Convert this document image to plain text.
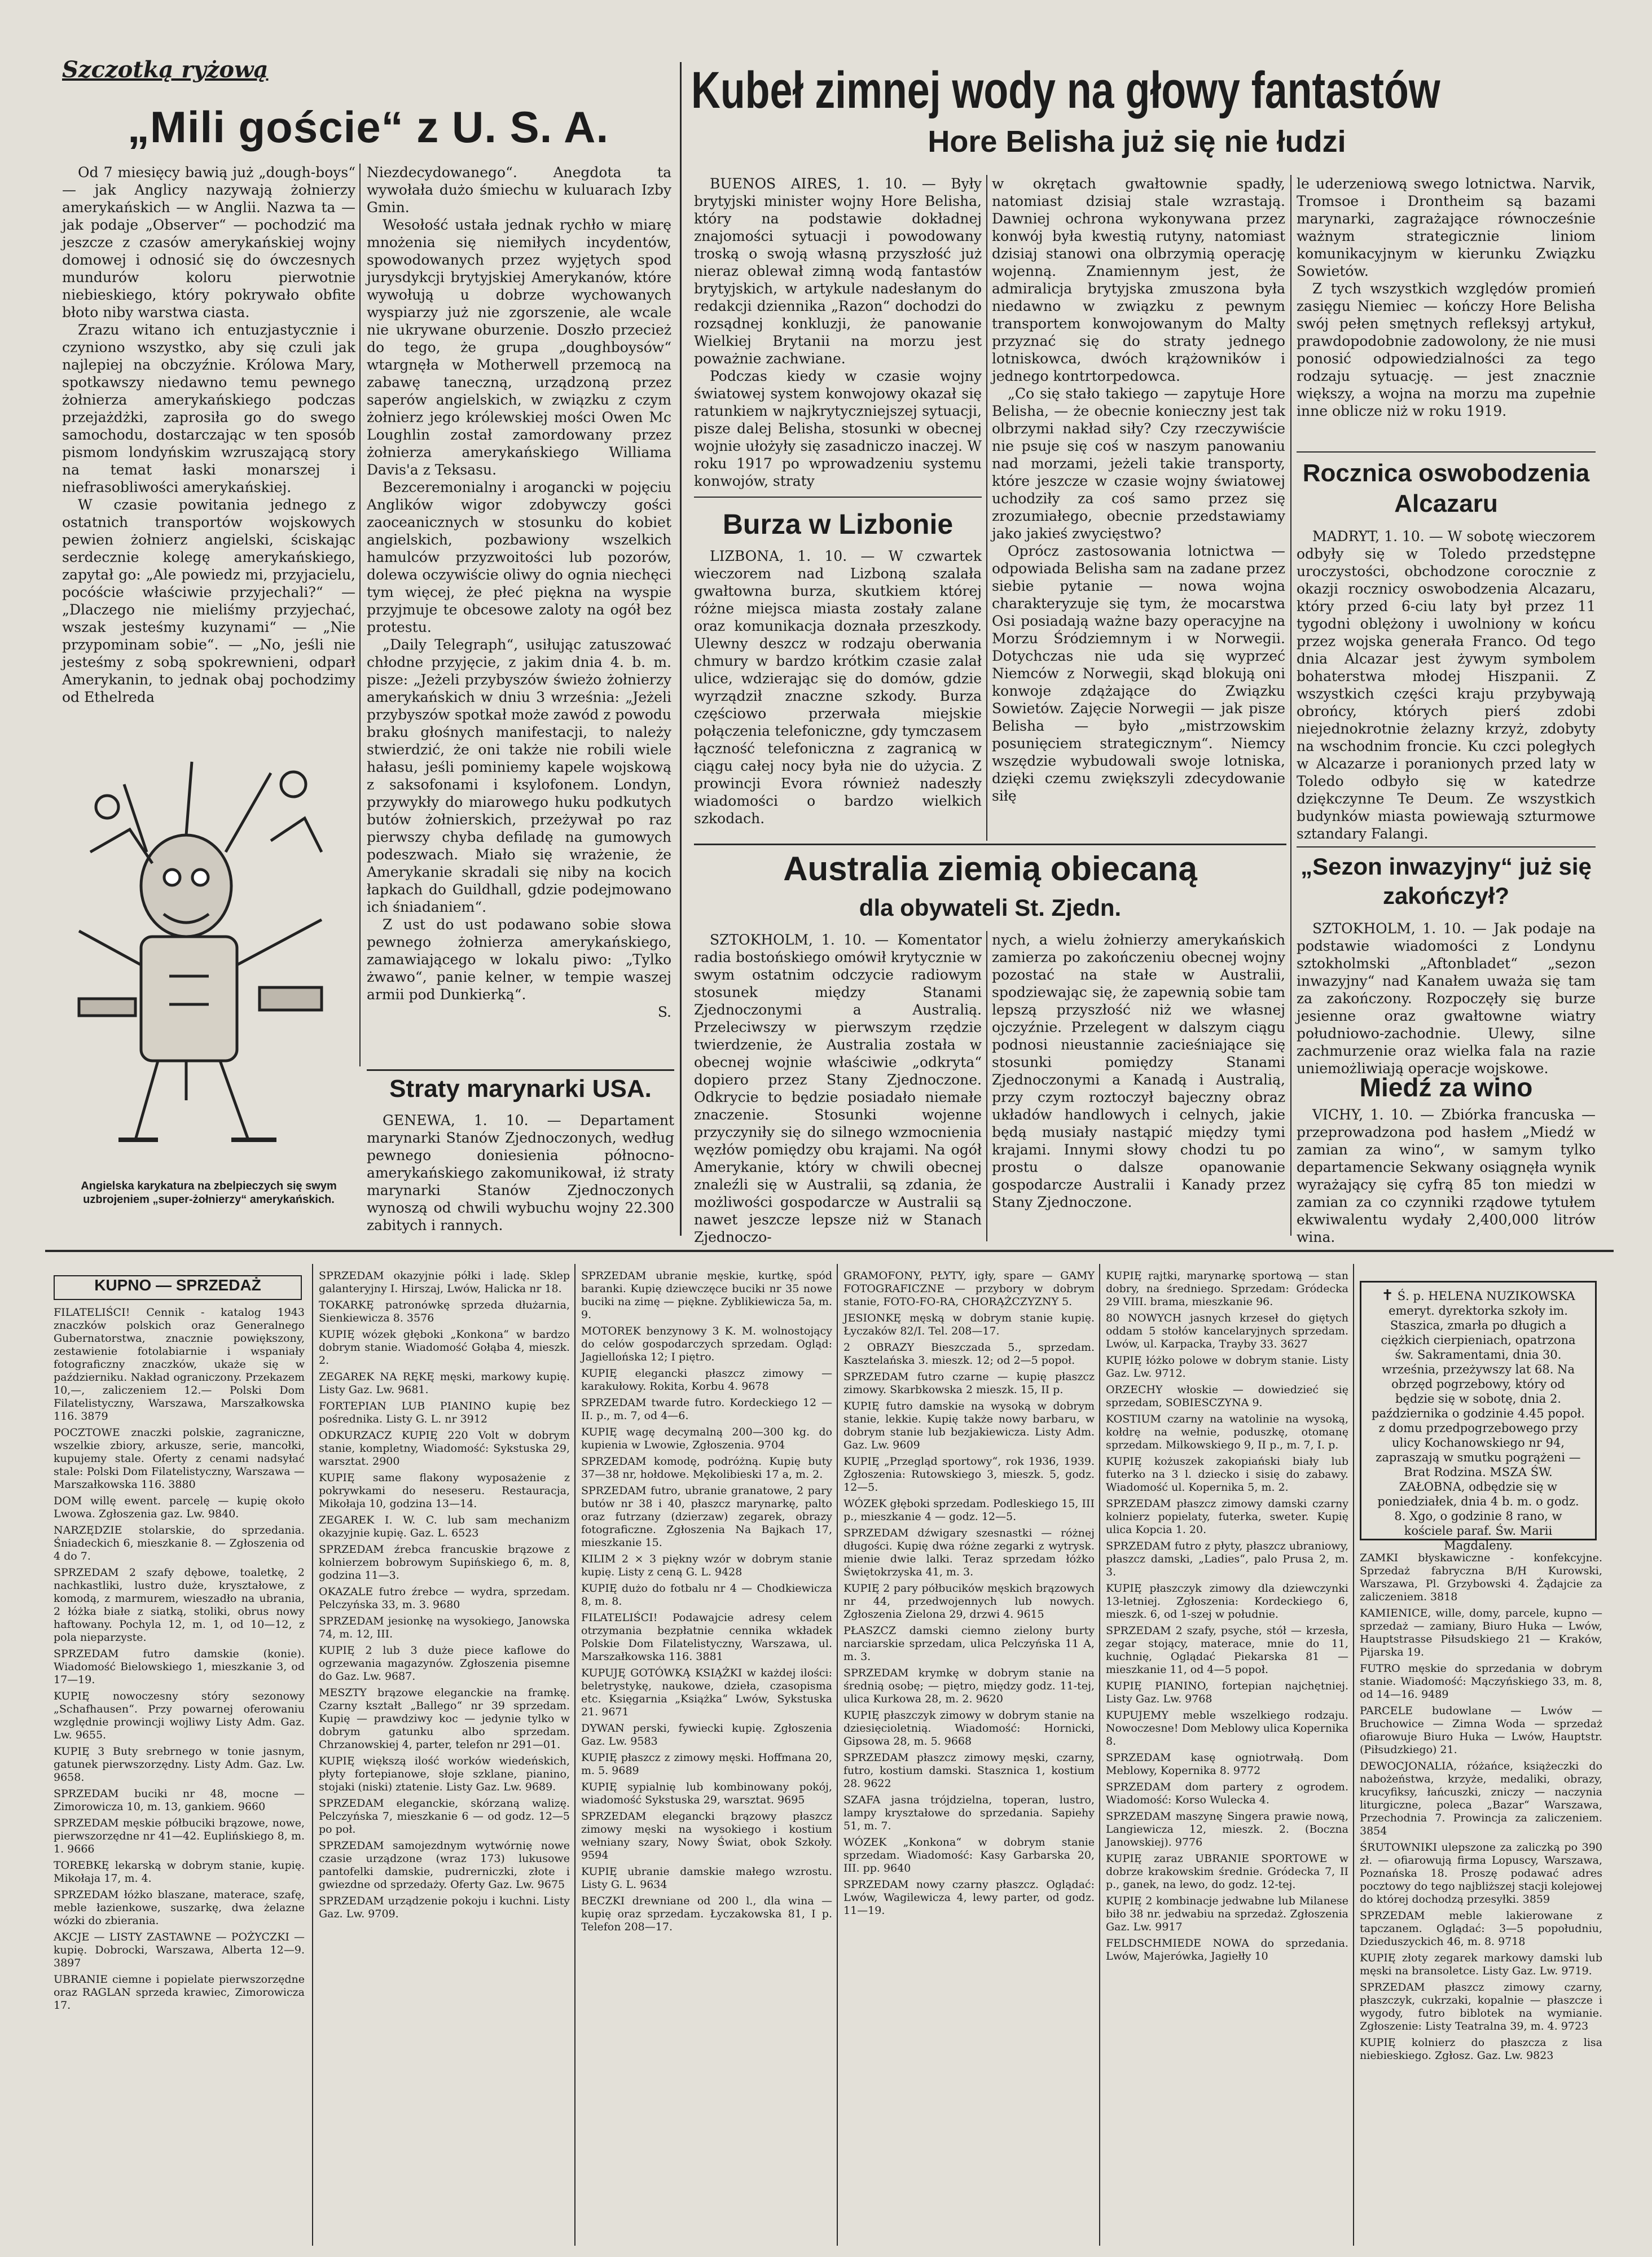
Szczotką ryżową
„Mili goście“ z U. S. A.

Od 7 miesięcy bawią już „dough-boys“ — jak Anglicy nazywają żołnierzy amerykańskich — w Anglii. Nazwa ta — jak podaje „Observer“ — pochodzić ma jeszcze z czasów amerykańskiej wojny domowej i odnosić się do ówczesnych mundurów koloru pierwotnie niebieskiego, który pokrywało obfite błoto niby warstwa ciasta.

Zrazu witano ich entuzjastycznie i czyniono wszystko, aby się czuli jak najlepiej na obczyźnie. Królowa Mary, spotkawszy niedawno temu pewnego żołnierza amerykańskiego podczas przejażdżki, zaprosiła go do swego samochodu, dostarczając w ten sposób pismom londyńskim wzruszającą story na temat łaski monarszej i niefrasobliwości amerykańskiej.

W czasie powitania jednego z ostatnich transportów wojskowych pewien żołnierz angielski, ściskając serdecznie kolegę amerykańskiego, zapytał go: „Ale powiedz mi, przyjacielu, pocóście właściwie przyjechali?“ — „Dlaczego nie mieliśmy przyjechać, wszak jesteśmy kuzynami“ — „Nie przypominam sobie“. — „No, jeśli nie jesteśmy z sobą spokrewnieni, odparł Amerykanin, to jednak obaj pochodzimy od Ethelreda

Angielska karykatura na zbelpieczych się swym uzbrojeniem „super-żołnierzy“ amerykańskich.

Niezdecydowanego“. Anegdota ta wywołała dużo śmiechu w kuluarach Izby Gmin.

Wesołość ustała jednak rychło w miarę mnożenia się niemiłych incydentów, spowodowanych przez wyjętych spod jurysdykcji brytyjskiej Amerykanów, które wywołują u dobrze wychowanych wyspiarzy już nie zgorszenie, ale wcale nie ukrywane oburzenie. Doszło przecież do tego, że grupa „doughboysów“ wtargnęła w Motherwell przemocą na zabawę taneczną, urządzoną przez saperów angielskich, w związku z czym żołnierz jego królewskiej mości Owen Mc Loughlin został zamordowany przez żołnierza amerykańskiego Williama Davis'a z Teksasu.

Bezceremonialny i arogancki w pojęciu Anglików wigor zdobywczy gości zaoceanicznych w stosunku do kobiet angielskich, pozbawiony wszelkich hamulców przyzwoitości lub pozorów, dolewa oczywiście oliwy do ognia niechęci tym więcej, że płeć piękna na wyspie przyjmuje te obcesowe zaloty na ogół bez protestu.

„Daily Telegraph“, usiłując zatuszować chłodne przyjęcie, z jakim dnia 4. b. m. pisze: „Jeżeli przybyszów świeżo żołnierzy amerykańskich w dniu 3 września: „Jeżeli przybyszów spotkał może zawód z powodu braku głośnych manifestacji, to należy stwierdzić, że oni także nie robili wiele hałasu, jeśli pominiemy kapele wojskową z saksofonami i ksylofonem. Londyn, przywykły do miarowego huku podkutych butów żołnierskich, przeżywał po raz pierwszy chyba defiladę na gumowych podeszwach. Miało się wrażenie, że Amerykanie skradali się niby na kocich łapkach do Guildhall, gdzie podejmowano ich śniadaniem“.

Z ust do ust podawano sobie słowa pewnego żołnierza amerykańskiego, zamawiającego w lokalu piwo: „Tylko żwawo“, panie kelner, w tempie waszej armii pod Dunkierką“.

S.

Straty marynarki USA.

GENEWA, 1. 10. — Departament marynarki Stanów Zjednoczonych, według pewnego doniesienia północno-amerykańskiego zakomunikował, iż straty marynarki Stanów Zjednoczonych wynoszą od chwili wybuchu wojny 22.300 zabitych i rannych.

Kubeł zimnej wody na głowy fantastów
Hore Belisha już się nie łudzi

BUENOS AIRES, 1. 10. — Były brytyjski minister wojny Hore Belisha, który na podstawie dokładnej znajomości sytuacji i powodowany troską o swoją własną przyszłość już nieraz oblewał zimną wodą fantastów brytyjskich, w artykule nadesłanym do redakcji dziennika „Razon“ dochodzi do rozsądnej konkluzji, że panowanie Wielkiej Brytanii na morzu jest poważnie zachwiane.

Podczas kiedy w czasie wojny światowej system konwojowy okazał się ratunkiem w najkrytyczniejszej sytuacji, pisze dalej Belisha, stosunki w obecnej wojnie ułożyły się zasadniczo inaczej. W roku 1917 po wprowadzeniu systemu konwojów, straty

w okrętach gwałtownie spadły, natomiast dzisiaj stale wzrastają. Dawniej ochrona wykonywana przez konwój była kwestią rutyny, natomiast dzisiaj stanowi ona olbrzymią operację wojenną. Znamiennym jest, że admiralicja brytyjska zmuszona była niedawno w związku z pewnym transportem konwojowanym do Malty przyznać się do straty jednego lotniskowca, dwóch krążowników i jednego kontrtorpedowca.

„Co się stało takiego — zapytuje Hore Belisha, — że obecnie konieczny jest tak olbrzymi nakład siły? Czy rzeczywiście nie psuje się coś w naszym panowaniu nad morzami, jeżeli takie transporty, które jeszcze w czasie wojny światowej uchodziły za coś samo przez się zrozumiałego, obecnie przedstawiamy jako jakieś zwycięstwo?

Oprócz zastosowania lotnictwa — odpowiada Belisha sam na zadane przez siebie pytanie — nowa wojna charakteryzuje się tym, że mocarstwa Osi posiadają ważne bazy operacyjne na Morzu Śródziemnym i w Norwegii. Dotychczas nie uda się wyprzeć Niemców z Norwegii, skąd blokują oni konwoje zdążające do Związku Sowietów. Zajęcie Norwegii — jak pisze Belisha — było „mistrzowskim posunięciem strategicznym“. Niemcy wszędzie wybudowali swoje lotniska, dzięki czemu zwiększyli zdecydowanie siłę

le uderzeniową swego lotnictwa. Narvik, Tromsoe i Drontheim są bazami marynarki, zagrażające równocześnie ważnym strategicznie liniom komunikacyjnym w kierunku Związku Sowietów.

Z tych wszystkich względów promień zasięgu Niemiec — kończy Hore Belisha swój pełen smętnych refleksyj artykuł, prawdopodobnie zadowolony, że nie musi ponosić odpowiedzialności za tego rodzaju sytuację. — jest znacznie większy, a wojna na morzu ma zupełnie inne oblicze niż w roku 1919.

Burza w Lizbonie

LIZBONA, 1. 10. — W czwartek wieczorem nad Lizboną szalała gwałtowna burza, skutkiem której różne miejsca miasta zostały zalane oraz komunikacja doznała przeszkody. Ulewny deszcz w rodzaju oberwania chmury w bardzo krótkim czasie zalał ulice, wdzierając się do domów, gdzie wyrządził znaczne szkody. Burza częściowo przerwała miejskie połączenia telefoniczne, gdy tymczasem łączność telefoniczna z zagranicą w ciągu całej nocy była nie do użycia. Z prowincji Evora również nadeszły wiadomości o bardzo wielkich szkodach.

Rocznica oswobodzenia Alcazaru

MADRYT, 1. 10. — W sobotę wieczorem odbyły się w Toledo przedstępne uroczystości, obchodzone corocznie z okazji rocznicy oswobodzenia Alcazaru, który przed 6-ciu laty był przez 11 tygodni oblężony i uwolniony w końcu przez wojska generała Franco. Od tego dnia Alcazar jest żywym symbolem bohaterstwa młodej Hiszpanii. Z wszystkich części kraju przybywają obrońcy, których pierś zdobi niejednokrotnie żelazny krzyż, zdobyty na wschodnim froncie. Ku czci poległych w Alcazarze i poranionych przed laty w Toledo odbyło się w katedrze dziękczynne Te Deum. Ze wszystkich budynków miasta powiewają szturmowe sztandary Falangi.

„Sezon inwazyjny“ już się zakończył?

SZTOKHOLM, 1. 10. — Jak podaje na podstawie wiadomości z Londynu sztokholmski „Aftonbladet“ „sezon inwazyjny“ nad Kanałem uważa się tam za zakończony. Rozpoczęły się burze jesienne oraz gwałtowne wiatry południowo-zachodnie. Ulewy, silne zachmurzenie oraz wielka fala na razie uniemożliwiają operacje wojskowe.

Miedź za wino

VICHY, 1. 10. — Zbiórka francuska — przeprowadzona pod hasłem „Miedź w zamian za wino“, w samym tylko departamencie Sekwany osiągnęła wynik wyrażający się cyfrą 85 ton miedzi w zamian za co czynniki rządowe tytułem ekwiwalentu wydały 2,400,000 litrów wina.

Australia ziemią obiecaną
dla obywateli St. Zjedn.

SZTOKHOLM, 1. 10. — Komentator radia bostońskiego omówił krytycznie w swym ostatnim odczycie radiowym stosunek między Stanami Zjednoczonymi a Australią. Przeleciwszy w pierwszym rzędzie twierdzenie, że Australia została w obecnej wojnie właściwie „odkryta“ dopiero przez Stany Zjednoczone. Odkrycie to będzie posiadało niemałe znaczenie. Stosunki wojenne przyczyniły się do silnego wzmocnienia węzłów pomiędzy obu krajami. Na ogół Amerykanie, który w chwili obecnej znaleźli się w Australii, są zdania, że możliwości gospodarcze w Australii są nawet jeszcze lepsze niż w Stanach Zjednoczo-

nych, a wielu żołnierzy amerykańskich zamierza po zakończeniu obecnej wojny pozostać na stałe w Australii, spodziewając się, że zapewnią sobie tam lepszą przyszłość niż we własnej ojczyźnie. Przelegent w dalszym ciągu podnosi nieustannie zacieśniające się stosunki pomiędzy Stanami Zjednoczonymi a Kanadą i Australią, przy czym roztoczył bajeczny obraz układów handlowych i celnych, jakie będą musiały nastąpić między tymi krajami. Innymi słowy chodzi tu po prostu o dalsze opanowanie gospodarcze Australii i Kanady przez Stany Zjednoczone.

KUPNO — SPRZEDAŻ

FILATELIŚCI! Cennik - katalog 1943 znaczków polskich oraz Generalnego Gubernatorstwa, znacznie powiększony, zestawienie fotolabiarnie i wspaniały fotograficzny znaczków, ukaże się w październiku. Nakład ograniczony. Przekazem 10,—, zaliczeniem 12.— Polski Dom Filatelistyczny, Warszawa, Marszałkowska 116. 3879

POCZTOWE znaczki polskie, zagraniczne, wszelkie zbiory, arkusze, serie, mancołki, kupujemy stale. Oferty z cenami nadsyłać stale: Polski Dom Filatelistyczny, Warszawa — Marszałkowska 116. 3880

DOM willę ewent. parcelę — kupię około Lwowa. Zgłoszenia gaz. Lw. 9840.

NARZĘDZIE stolarskie, do sprzedania. Śniadeckich 6, mieszkanie 8. — Zgłoszenia od 4 do 7.

SPRZEDAM 2 szafy dębowe, toaletkę, 2 nachkastliki, lustro duże, kryształowe, z komodą, z marmurem, wieszadło na ubrania, 2 łóżka białe z siatką, stoliki, obrus nowy haftowany. Pochyla 12, m. 1, od 10—12, z pola nieparzyste.

SPRZEDAM futro damskie (konie). Wiadomość Bielowskiego 1, mieszkanie 3, od 17—19.

KUPIĘ nowoczesny stóry sezonowy „Schafhausen“. Przy powarnej oferowaniu względnie prowincji wojliwy Listy Adm. Gaz. Lw. 9655.

KUPIĘ 3 Buty srebrnego w tonie jasnym, gatunek pierwszorzędny. Listy Adm. Gaz. Lw. 9658.

SPRZEDAM buciki nr 48, mocne — Zimorowicza 10, m. 13, gankiem. 9660

SPRZEDAM męskie półbuciki brązowe, nowe, pierwszorzędne nr 41—42. Euplińskiego 8, m. 1. 9666

TOREBKĘ lekarską w dobrym stanie, kupię. Mikołaja 17, m. 4.

SPRZEDAM łóżko blaszane, materace, szafę, meble łazienkowe, suszarkę, dwa żelazne wózki do zbierania.

AKCJE — LISTY ZASTAWNE — POŻYCZKI — kupię. Dobrocki, Warszawa, Alberta 12—9. 3897

UBRANIE ciemne i popielate pierwszorzędne oraz RAGLAN sprzeda krawiec, Zimorowicza 17.

SPRZEDAM okazyjnie półki i ladę. Sklep galanteryjny I. Hirszaj, Lwów, Halicka nr 18.

TOKARKĘ patronówkę sprzeda dłużarnia, Sienkiewicza 8. 3576

KUPIĘ wózek głęboki „Konkona“ w bardzo dobrym stanie. Wiadomość Gołąba 4, mieszk. 2.

ZEGAREK NA RĘKĘ męski, markowy kupię. Listy Gaz. Lw. 9681.

FORTEPIAN LUB PIANINO kupię bez pośrednika. Listy G. L. nr 3912

ODKURZACZ KUPIĘ 220 Volt w dobrym stanie, kompletny, Wiadomość: Sykstuska 29, warsztat. 2900

KUPIĘ same flakony wyposażenie z pokrywkami do neseseru. Restauracja, Mikołaja 10, godzina 13—14.

ZEGAREK I. W. C. lub sam mechanizm okazyjnie kupię. Gaz. L. 6523

SPRZEDAM źrebca francuskie brązowe z kolnierzem bobrowym Supińskiego 6, m. 8, godzina 11—3.

OKAZALE futro źrebce — wydra, sprzedam. Pelczyńska 33, m. 3. 9680

SPRZEDAM jesionkę na wysokiego, Janowska 74, m. 12, III.

KUPIĘ 2 lub 3 duże piece kaflowe do ogrzewania magazynów. Zgłoszenia pisemne do Gaz. Lw. 9687.

MESZTY brązowe eleganckie na framkę. Czarny kształt „Ballego“ nr 39 sprzedam. Kupię — prawdziwy koc — jedynie tylko w dobrym gatunku albo sprzedam. Chrzanowskiej 4, parter, telefon nr 291—01.

KUPIĘ większą ilość worków wiedeńskich, płyty fortepianowe, słoje szklane, pianino, stojaki (niski) ztatenie. Listy Gaz. Lw. 9689.

SPRZEDAM eleganckie, skórzaną walizę. Pelczyńska 7, mieszkanie 6 — od godz. 12—5 po poł.

SPRZEDAM samojezdnym wytwórnię nowe czasie urządzone (wraz 173) lukusowe pantofelki damskie, pudrerniczki, złote i gwiezdne od sprzedaży. Oferty Gaz. Lw. 9675

SPRZEDAM urządzenie pokoju i kuchni. Listy Gaz. Lw. 9709.

SPRZEDAM ubranie męskie, kurtkę, spód baranki. Kupię dziewczęce buciki nr 35 nowe buciki na zimę — piękne. Zyblikiewicza 5a, m. 9.

MOTOREK benzynowy 3 K. M. wolnostojący do celów gospodarczych sprzedam. Ogląd: Jagiellońska 12; I piętro.

KUPIĘ elegancki płaszcz zimowy — karakułowy. Rokita, Korbu 4. 9678

SPRZEDAM twarde futro. Kordeckiego 12 — II. p., m. 7, od 4—6.

KUPIĘ wagę decymalną 200—300 kg. do kupienia w Lwowie, Zgłoszenia. 9704

SPRZEDAM komodę, podróżną. Kupię buty 37—38 nr, hołdowe. Mękolibieski 17 a, m. 2.

SPRZEDAM futro, ubranie granatowe, 2 pary butów nr 38 i 40, płaszcz marynarkę, palto oraz futrzany (dzierzaw) zegarek, obrazy fotograficzne. Zgłoszenia Na Bajkach 17, mieszkanie 15.

KILIM 2 × 3 piękny wzór w dobrym stanie kupię. Listy z ceną G. L. 9428

KUPIĘ dużo do fotbalu nr 4 — Chodkiewicza 8, m. 8.

FILATELIŚCI! Podawajcie adresy celem otrzymania bezpłatnie cennika wkładek Polskie Dom Filatelistyczny, Warszawa, ul. Marszałkowska 116. 3881

KUPUJĘ GOTÓWKĄ KSIĄŻKI w każdej ilości: beletrystykę, naukowe, dzieła, czasopisma etc. Księgarnia „Książka“ Lwów, Sykstuska 21. 9671

DYWAN perski, fywiecki kupię. Zgłoszenia Gaz. Lw. 9583

KUPIĘ płaszcz z zimowy męski. Hoffmana 20, m. 5. 9689

KUPIĘ sypialnię lub kombinowany pokój, wiadomość Sykstuska 29, warsztat. 9695

SPRZEDAM elegancki brązowy płaszcz zimowy męski na wysokiego i kostium wełniany szary, Nowy Świat, obok Szkoły. 9594

KUPIĘ ubranie damskie małego wzrostu. Listy G. L. 9634

BECZKI drewniane od 200 l., dla wina — kupię oraz sprzedam. Łyczakowska 81, I p. Telefon 208—17.

GRAMOFONY, PŁYTY, igły, spare — GAMY FOTOGRAFICZNE — przybory w dobrym stanie, FOTO-FO-RA, CHORĄŻCZYZNY 5.

JESIONKĘ męską w dobrym stanie kupię. Łyczaków 82/I. Tel. 208—17.

2 OBRAZY Bieszczada 5., sprzedam. Kasztelańska 3. mieszk. 12; od 2—5 popoł.

SPRZEDAM futro czarne — kupię płaszcz zimowy. Skarbkowska 2 mieszk. 15, II p.

KUPIĘ futro damskie na wysoką w dobrym stanie, lekkie. Kupię także nowy barbaru, w dobrym stanie lub bezjakiewicza. Listy Adm. Gaz. Lw. 9609

KUPIĘ „Przegląd sportowy“, rok 1936, 1939. Zgłoszenia: Rutowskiego 3, mieszk. 5, godz. 12—5.

WÓZEK głęboki sprzedam. Podleskiego 15, III p., mieszkanie 4 — godz. 12—5.

SPRZEDAM dźwigary szesnastki — różnej długości. Kupię dwa różne zegarki z wytrysk. mienie dwie lalki. Teraz sprzedam łóżko Świętokrzyska 41, m. 3.

KUPIĘ 2 pary półbucików męskich brązowych nr 44, przedwojennych lub nowych. Zgłoszenia Zielona 29, drzwi 4. 9615

PŁASZCZ damski ciemno zielony burty narciarskie sprzedam, ulica Pelczyńska 11 A, m. 3.

SPRZEDAM krymkę w dobrym stanie na średnią osobę; — piętro, między godz. 11-tej, ulica Kurkowa 28, m. 2. 9620

KUPIĘ płaszczyk zimowy w dobrym stanie na dziesięcioletnią. Wiadomość: Hornicki, Gipsowa 28, m. 5. 9668

SPRZEDAM płaszcz zimowy męski, czarny, futro, kostium damski. Stasznica 1, kostium 28. 9622

SZAFA jasna trójdzielna, toperan, lustro, lampy kryształowe do sprzedania. Sapiehy 51, m. 7.

WÓZEK „Konkona“ w dobrym stanie sprzedam. Wiadomość: Kasy Garbarska 20, III. pp. 9640

SPRZEDAM nowy czarny płaszcz. Oglądać: Lwów, Wagilewicza 4, lewy parter, od godz. 11—19.

KUPIĘ rajtki, marynarkę sportową — stan dobry, na średniego. Sprzedam: Gródecka 29 VIII. brama, mieszkanie 96.

80 NOWYCH jasnych krzeseł do giętych oddam 5 stołów kancelaryjnych sprzedam. Lwów, ul. Karpacka, Trayby 33. 3627

KUPIĘ łóżko polowe w dobrym stanie. Listy Gaz. Lw. 9712.

ORZECHY włoskie — dowiedzieć się sprzedam, SOBIESCZYNA 9.

KOSTIUM czarny na watolinie na wysoką, kołdrę na wełnie, poduszkę, otomanę sprzedam. Milkowskiego 9, II p., m. 7, I. p.

KUPIĘ kożuszek zakopiański biały lub futerko na 3 l. dziecko i sisię do zabawy. Wiadomość ul. Kopernika 5, m. 2.

SPRZEDAM płaszcz zimowy damski czarny kolnierz popielaty, futerka, sweter. Kupię ulica Kopcia 1. 20.

SPRZEDAM futro z płyty, płaszcz ubraniowy, płaszcz damski, „Ladies“, palo Prusa 2, m. 3.

KUPIĘ płaszczyk zimowy dla dziewczynki 13-letniej. Zgłoszenia: Kordeckiego 6, mieszk. 6, od 1-szej w południe.

SPRZEDAM 2 szafy, psyche, stół — krzesła, zegar stojący, materace, mnie do 11, kuchnię, Oglądać Piekarska 81 — mieszkanie 11, od 4—5 popoł.

KUPIĘ PIANINO, fortepian najchętniej. Listy Gaz. Lw. 9768

KUPUJEMY meble wszelkiego rodzaju. Nowoczesne! Dom Meblowy ulica Kopernika 8.

SPRZEDAM kasę ogniotrwałą. Dom Meblowy, Kopernika 8. 9772

SPRZEDAM dom partery z ogrodem. Wiadomość: Korso Wulecka 4.

SPRZEDAM maszynę Singera prawie nową, Langiewicza 12, mieszk. 2. (Boczna Janowskiej). 9776

KUPIĘ zaraz UBRANIE SPORTOWE w dobrze krakowskim średnie. Gródecka 7, II p., ganek, na lewo, do godz. 12-tej.

KUPIĘ 2 kombinacje jedwabne lub Milanese biło 38 nr. jedwabiu na sprzedaż. Zgłoszenia Gaz. Lw. 9917

FELDSCHMIEDE NOWA do sprzedania. Lwów, Majerówka, Jagiełły 10

✝ Ś. p. HELENA NUZIKOWSKA emeryt. dyrektorka szkoły im. Staszica, zmarła po długich a ciężkich cierpieniach, opatrzona św. Sakramentami, dnia 30. września, przeżywszy lat 68. Na obrzęd pogrzebowy, który od będzie się w sobotę, dnia 2. października o godzinie 4.45 popoł. z domu przedpogrzebowego przy ulicy Kochanowskiego nr 94, zapraszają w smutku pogrążeni — Brat Rodzina. MSZA ŚW. ZAŁOBNA, odbędzie się w poniedziałek, dnia 4 b. m. o godz. 8. Xgo, o godzinie 8 rano, w kościele paraf. Św. Marii Magdaleny.

ZAMKI błyskawiczne - konfekcyjne. Sprzedaż fabryczna B/H Kurowski, Warszawa, Pl. Grzybowski 4. Żądajcie za zaliczeniem. 3818

KAMIENICE, wille, domy, parcele, kupno — sprzedaż — zamiany, Biuro Huka — Lwów, Hauptstrasse Piłsudskiego 21 — Kraków, Pijarska 19.

FUTRO męskie do sprzedania w dobrym stanie. Wiadomość: Mączyńskiego 33, m. 8, od 14—16. 9489

PARCELE budowlane — Lwów — Bruchowice — Zimna Woda — sprzedaż ofiarowuje Biuro Huka — Lwów, Hauptstr. (Piłsudzkiego) 21.

DEWOCJONALIA, różańce, książeczki do nabożeństwa, krzyże, medaliki, obrazy, krucyfiksy, łańcuszki, zniczy — naczynia liturgiczne, poleca „Bazar“ Warszawa, Przechodnia 7. Prowincja za zaliczeniem. 3854

ŚRUTOWNIKI ulepszone za zaliczką po 390 zł. — ofiarowują firma Lopuscy, Warszawa, Poznańska 18. Proszę podawać adres pocztowy do tego najbliższej stacji kolejowej do której dochodzą przesyłki. 3859

SPRZEDAM meble lakierowane z tapczanem. Oglądać: 3—5 popołudniu, Dzieduszyckich 46, m. 8. 9718

KUPIĘ złoty zegarek markowy damski lub męski na bransoletce. Listy Gaz. Lw. 9719.

SPRZEDAM płaszcz zimowy czarny, płaszczyk, cukrzaki, kopalnie — płaszcze i wygody, futro biblotek na wymianie. Zgłoszenie: Listy Teatralna 39, m. 4. 9723

KUPIĘ kolnierz do płaszcza z lisa niebieskiego. Zgłosz. Gaz. Lw. 9823
